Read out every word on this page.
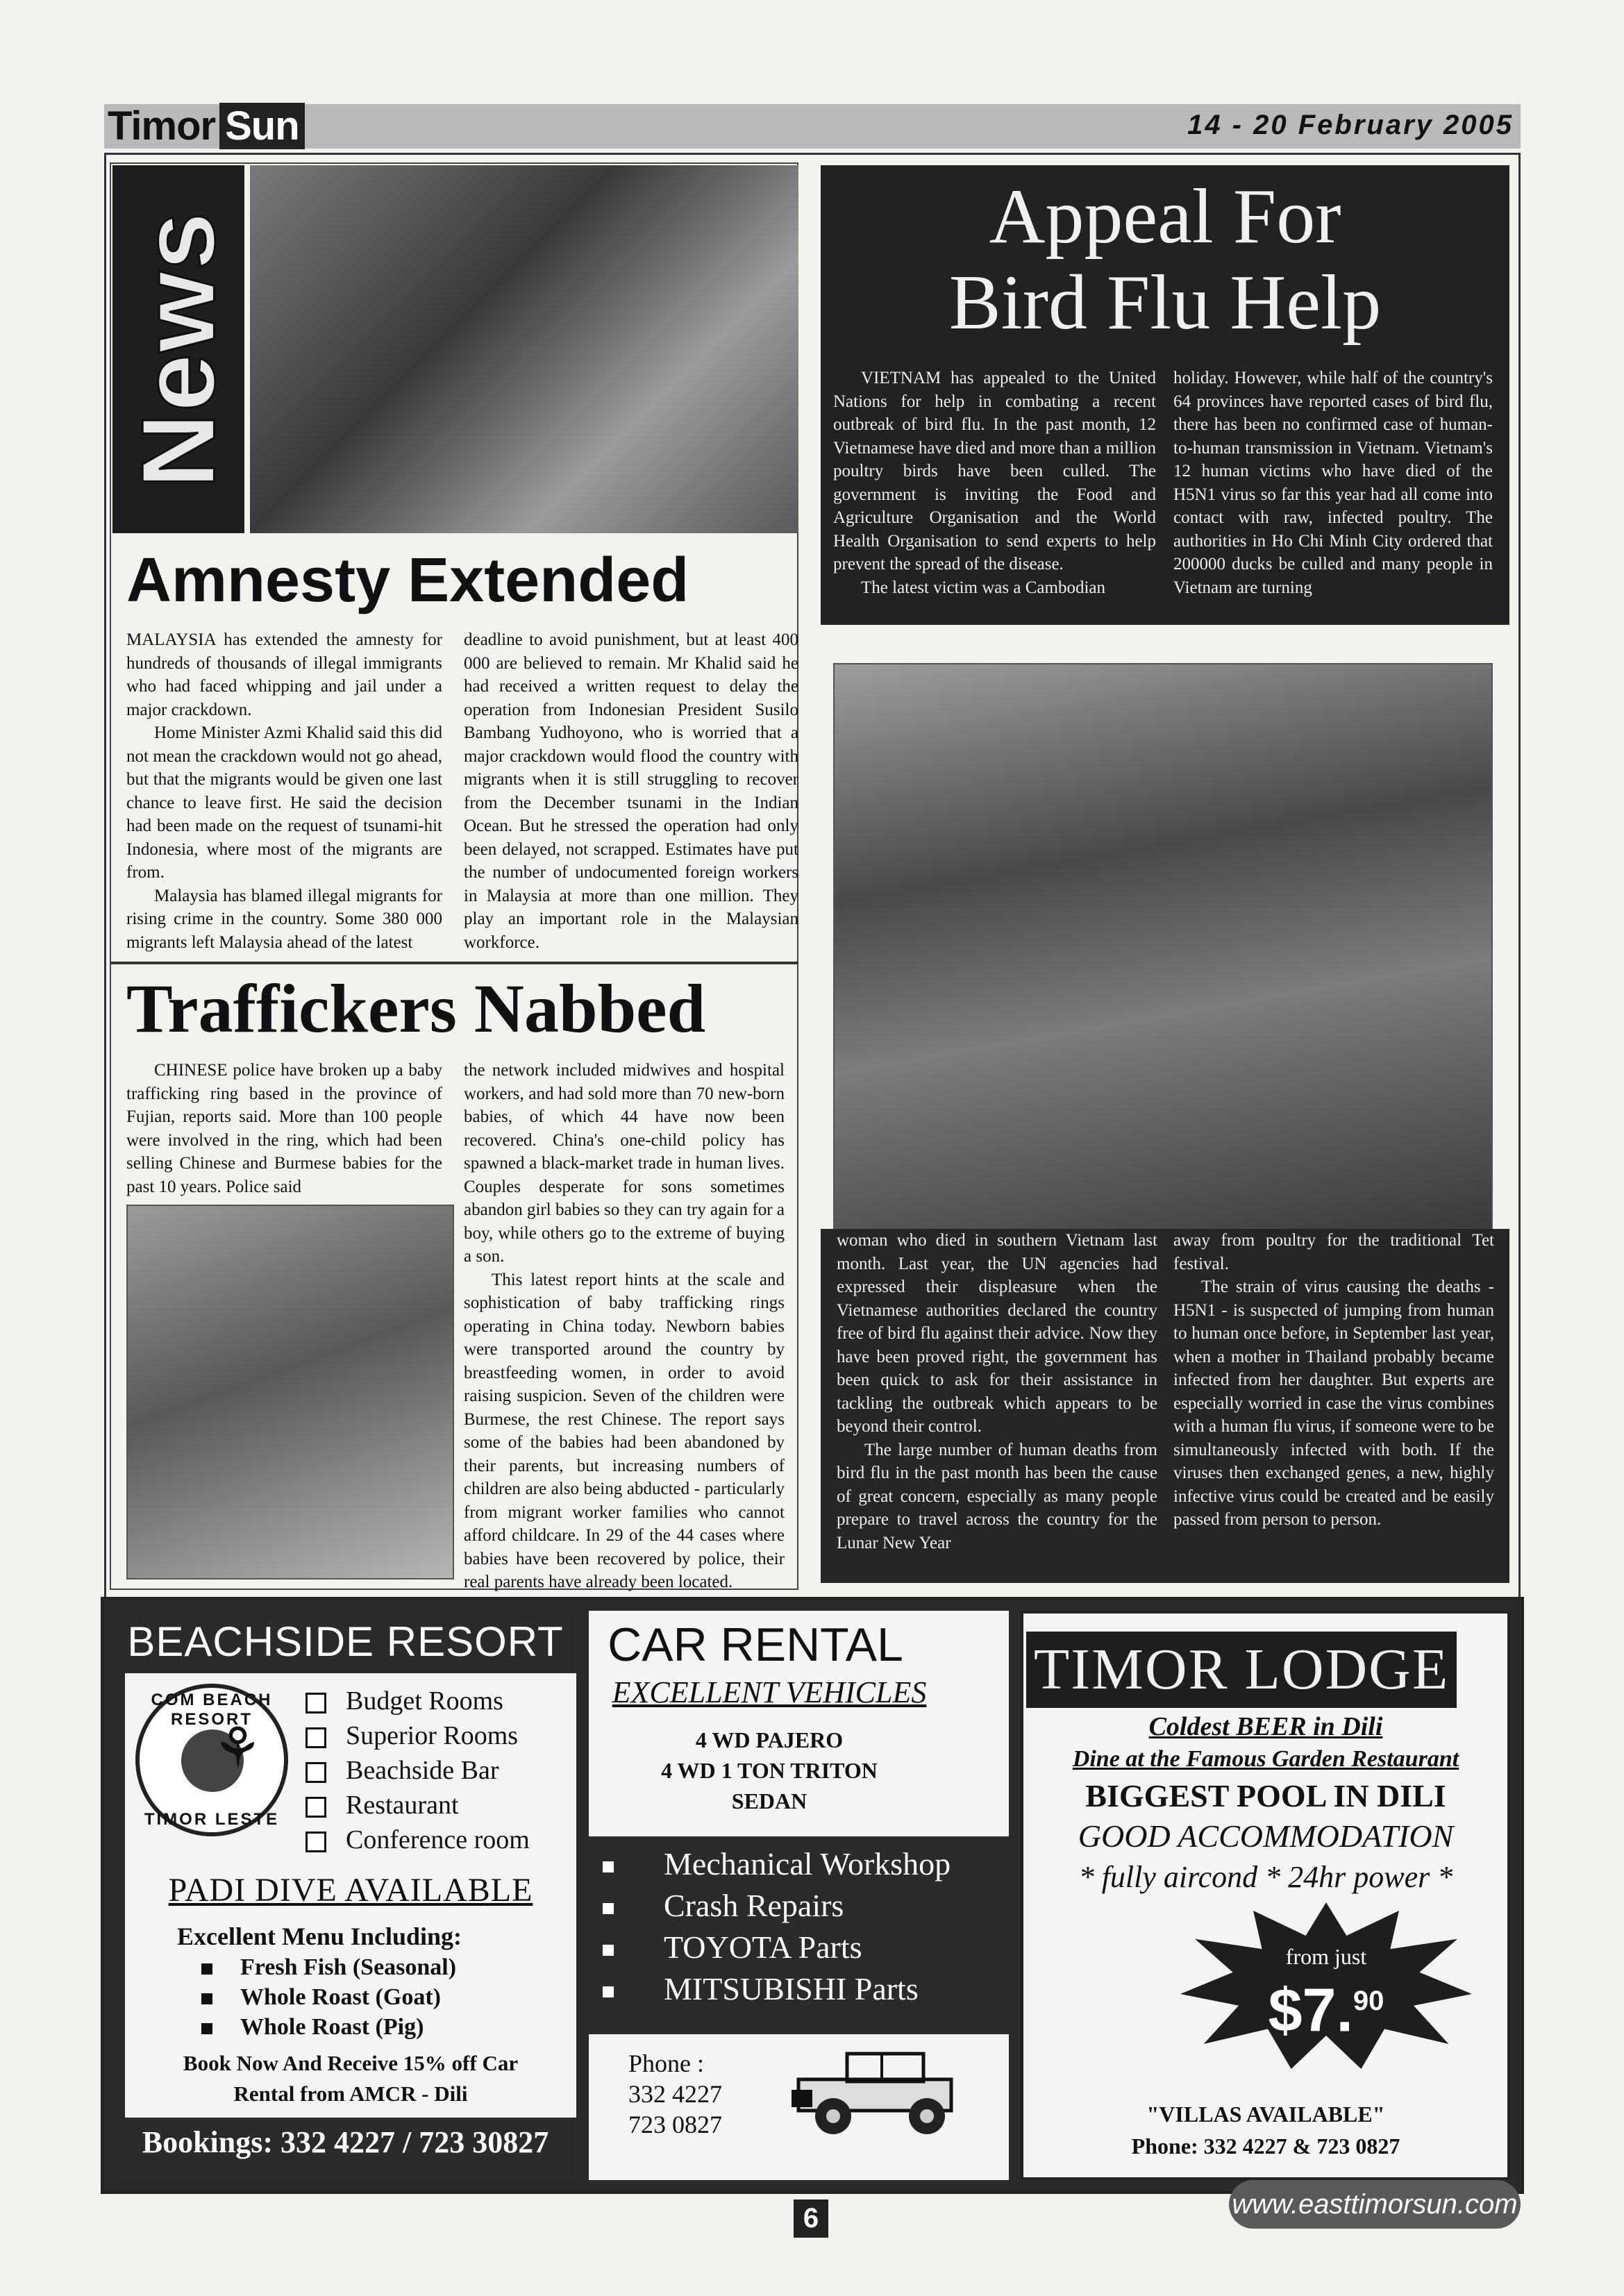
Timor Sun	14 - 20 February 2005
News
Amnesty Extended

MALAYSIA has extended the amnesty for hundreds of thousands of illegal immigrants who had faced whipping and jail under a major crackdown.

Home Minister Azmi Khalid said this did not mean the crackdown would not go ahead, but that the migrants would be given one last chance to leave first. He said the decision had been made on the request of tsunami-hit Indonesia, where most of the migrants are from.

Malaysia has blamed illegal migrants for rising crime in the country. Some 380 000 migrants left Malaysia ahead of the latest

deadline to avoid punishment, but at least 400 000 are believed to remain. Mr Khalid said he had received a written request to delay the operation from Indonesian President Susilo Bambang Yudhoyono, who is worried that a major crackdown would flood the country with migrants when it is still struggling to recover from the December tsunami in the Indian Ocean. But he stressed the operation had only been delayed, not scrapped. Estimates have put the number of undocumented foreign workers in Malaysia at more than one million. They play an important role in the Malaysian workforce.

Traffickers Nabbed

CHINESE police have broken up a baby trafficking ring based in the province of Fujian, reports said. More than 100 people were involved in the ring, which had been selling Chinese and Burmese babies for the past 10 years. Police said

the network included midwives and hospital workers, and had sold more than 70 new-born babies, of which 44 have now been recovered. China's one-child policy has spawned a black-market trade in human lives. Couples desperate for sons sometimes abandon girl babies so they can try again for a boy, while others go to the extreme of buying a son.

This latest report hints at the scale and sophistication of baby trafficking rings operating in China today. Newborn babies were transported around the country by breastfeeding women, in order to avoid raising suspicion. Seven of the children were Burmese, the rest Chinese. The report says some of the babies had been abandoned by their parents, but increasing numbers of children are also being abducted - particularly from migrant worker families who cannot afford childcare. In 29 of the 44 cases where babies have been recovered by police, their real parents have already been located.

Appeal For
Bird Flu Help

VIETNAM has appealed to the United Nations for help in combating a recent outbreak of bird flu. In the past month, 12 Vietnamese have died and more than a million poultry birds have been culled. The government is inviting the Food and Agriculture Organisation and the World Health Organisation to send experts to help prevent the spread of the disease.

The latest victim was a Cambodian

holiday. However, while half of the country's 64 provinces have reported cases of bird flu, there has been no confirmed case of human-to-human transmission in Vietnam. Vietnam's 12 human victims who have died of the H5N1 virus so far this year had all come into contact with raw, infected poultry. The authorities in Ho Chi Minh City ordered that 200000 ducks be culled and many people in Vietnam are turning

woman who died in southern Vietnam last month. Last year, the UN agencies had expressed their displeasure when the Vietnamese authorities declared the country free of bird flu against their advice. Now they have been proved right, the government has been quick to ask for their assistance in tackling the outbreak which appears to be beyond their control.

The large number of human deaths from bird flu in the past month has been the cause of great concern, especially as many people prepare to travel across the country for the Lunar New Year

away from poultry for the traditional Tet festival.

The strain of virus causing the deaths - H5N1 - is suspected of jumping from human to human once before, in September last year, when a mother in Thailand probably became infected from her daughter. But experts are especially worried in case the virus combines with a human flu virus, if someone were to be simultaneously infected with both. If the viruses then exchanged genes, a new, highly infective virus could be created and be easily passed from person to person.

BEACHSIDE RESORT
COM BEACH RESORT
⚘
TIMOR LESTE
Budget Rooms
Superior Rooms
Beachside Bar
Restaurant
Conference room
PADI DIVE AVAILABLE
Excellent Menu Including:
Fresh Fish (Seasonal)
Whole Roast (Goat)
Whole Roast (Pig)
Book Now And Receive 15% off Car
Rental from AMCR - Dili
Bookings: 332 4227 / 723 30827
CAR RENTAL
EXCELLENT VEHICLES
4 WD PAJERO
4 WD 1 TON TRITON
SEDAN
Mechanical Workshop
Crash Repairs
TOYOTA Parts
MITSUBISHI Parts
Phone :
332 4227
723 0827
TIMOR LODGE
Coldest BEER in Dili
Dine at the Famous Garden Restaurant
BIGGEST POOL IN DILI
GOOD ACCOMMODATION
* fully aircond * 24hr power *
from just
$7.90
"VILLAS AVAILABLE"
Phone: 332 4227 & 723 0827
6	www.easttimorsun.com
